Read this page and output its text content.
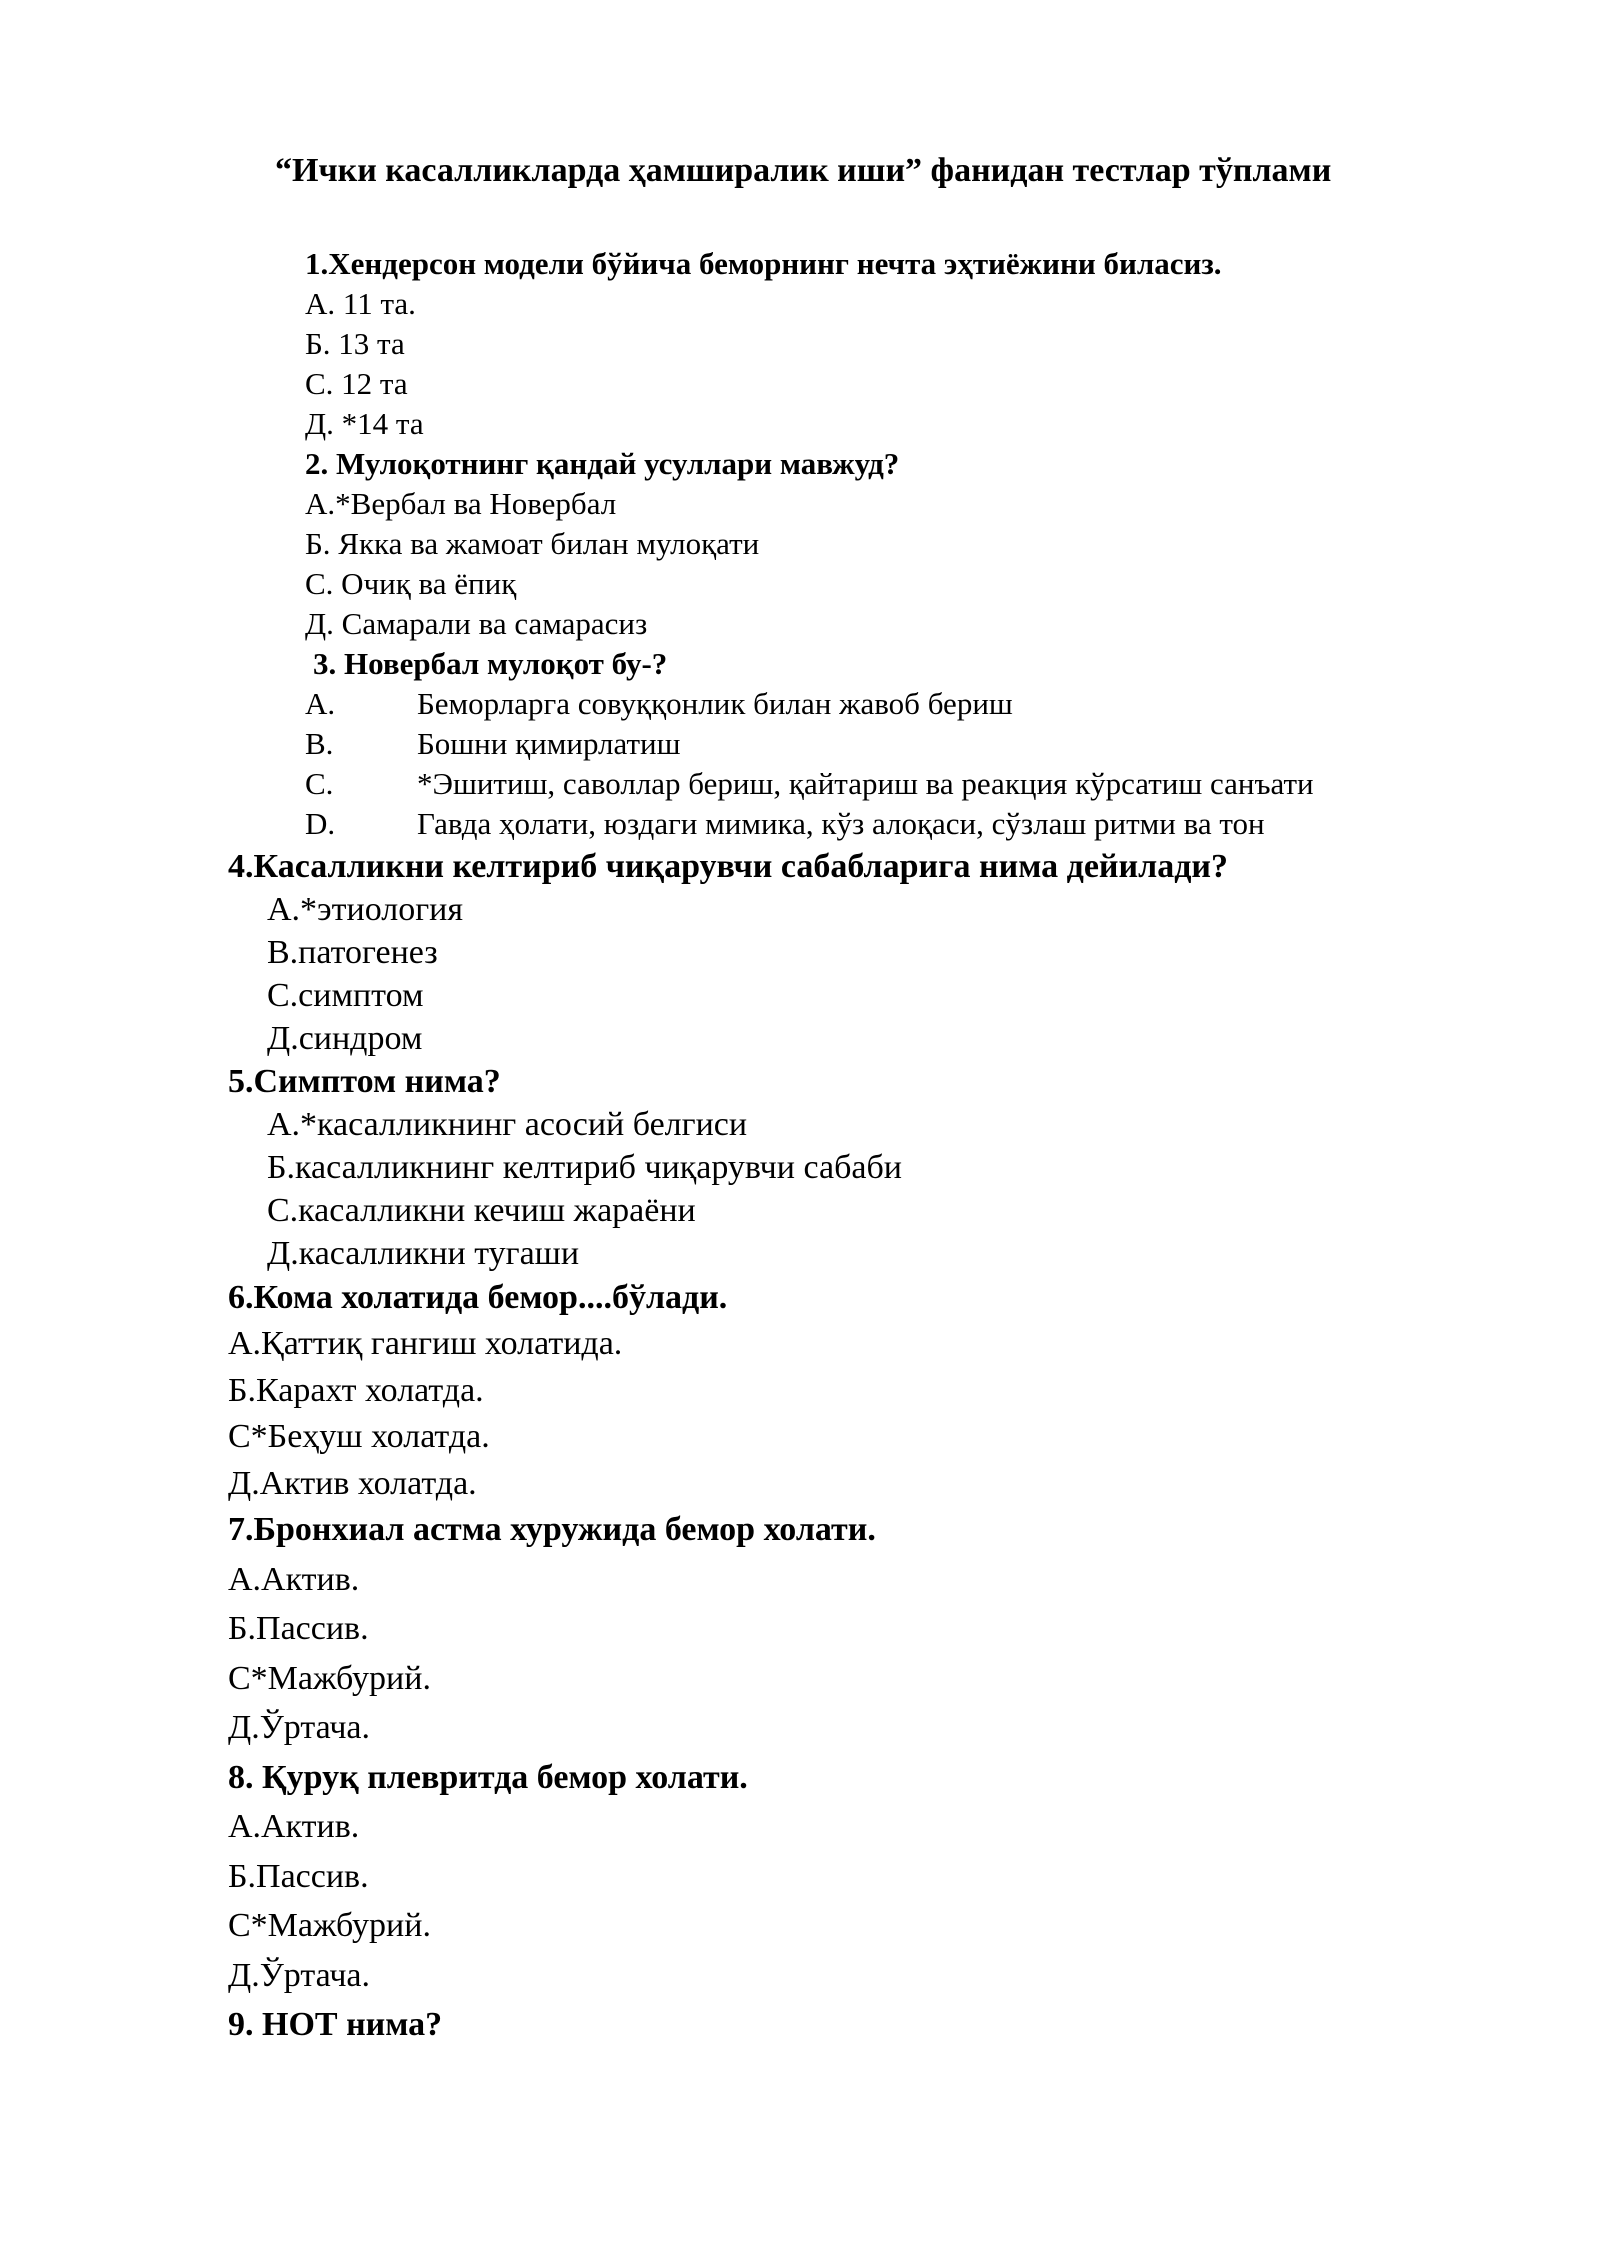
“Ички касалликларда ҳамширалик иши” фанидан тестлар тўплами
1.Хендерсон модели бўйича беморнинг нечта эҳтиёжини биласиз.
А. 11 та.
Б. 13 та
С. 12 та
Д. *14 та
2. Мулоқотнинг қандай усуллари мавжуд?
А.*Вербал ва Новербал
Б. Якка ва жамоат билан мулоқати
С. Очиқ ва ёпиқ
Д. Самарали ва самарасиз
3. Новербал мулоқот бу-?
A.	Беморларга совуққонлик билан жавоб бериш
B.	Бошни қимирлатиш
C.	*Эшитиш, саволлар бериш, қайтариш ва реакция кўрсатиш санъати
D.	Гавда ҳолати, юздаги мимика, кўз алоқаси, сўзлаш ритми ва тон
4.Касалликни келтириб чиқарувчи сабабларига нима дейилади?
А.*этиология
В.патогенез
С.симптом
Д.синдром
5.Симптом нима?
А.*касалликнинг асосий белгиси
Б.касалликнинг келтириб чиқарувчи сабаби
С.касалликни кечиш жараёни
Д.касалликни тугаши
6.Кома холатида бемор....бўлади.
А.Қаттиқ гангиш холатида.
Б.Карахт холатда.
С*Беҳуш холатда.
Д.Актив холатда.
7.Бронхиал астма хуружида бемор холати.
А.Актив.
Б.Пассив.
С*Мажбурий.
Д.Ўртача.
8. Қуруқ плевритда бемор холати.
А.Актив.
Б.Пассив.
С*Мажбурий.
Д.Ўртача.
9. НОТ нима?
